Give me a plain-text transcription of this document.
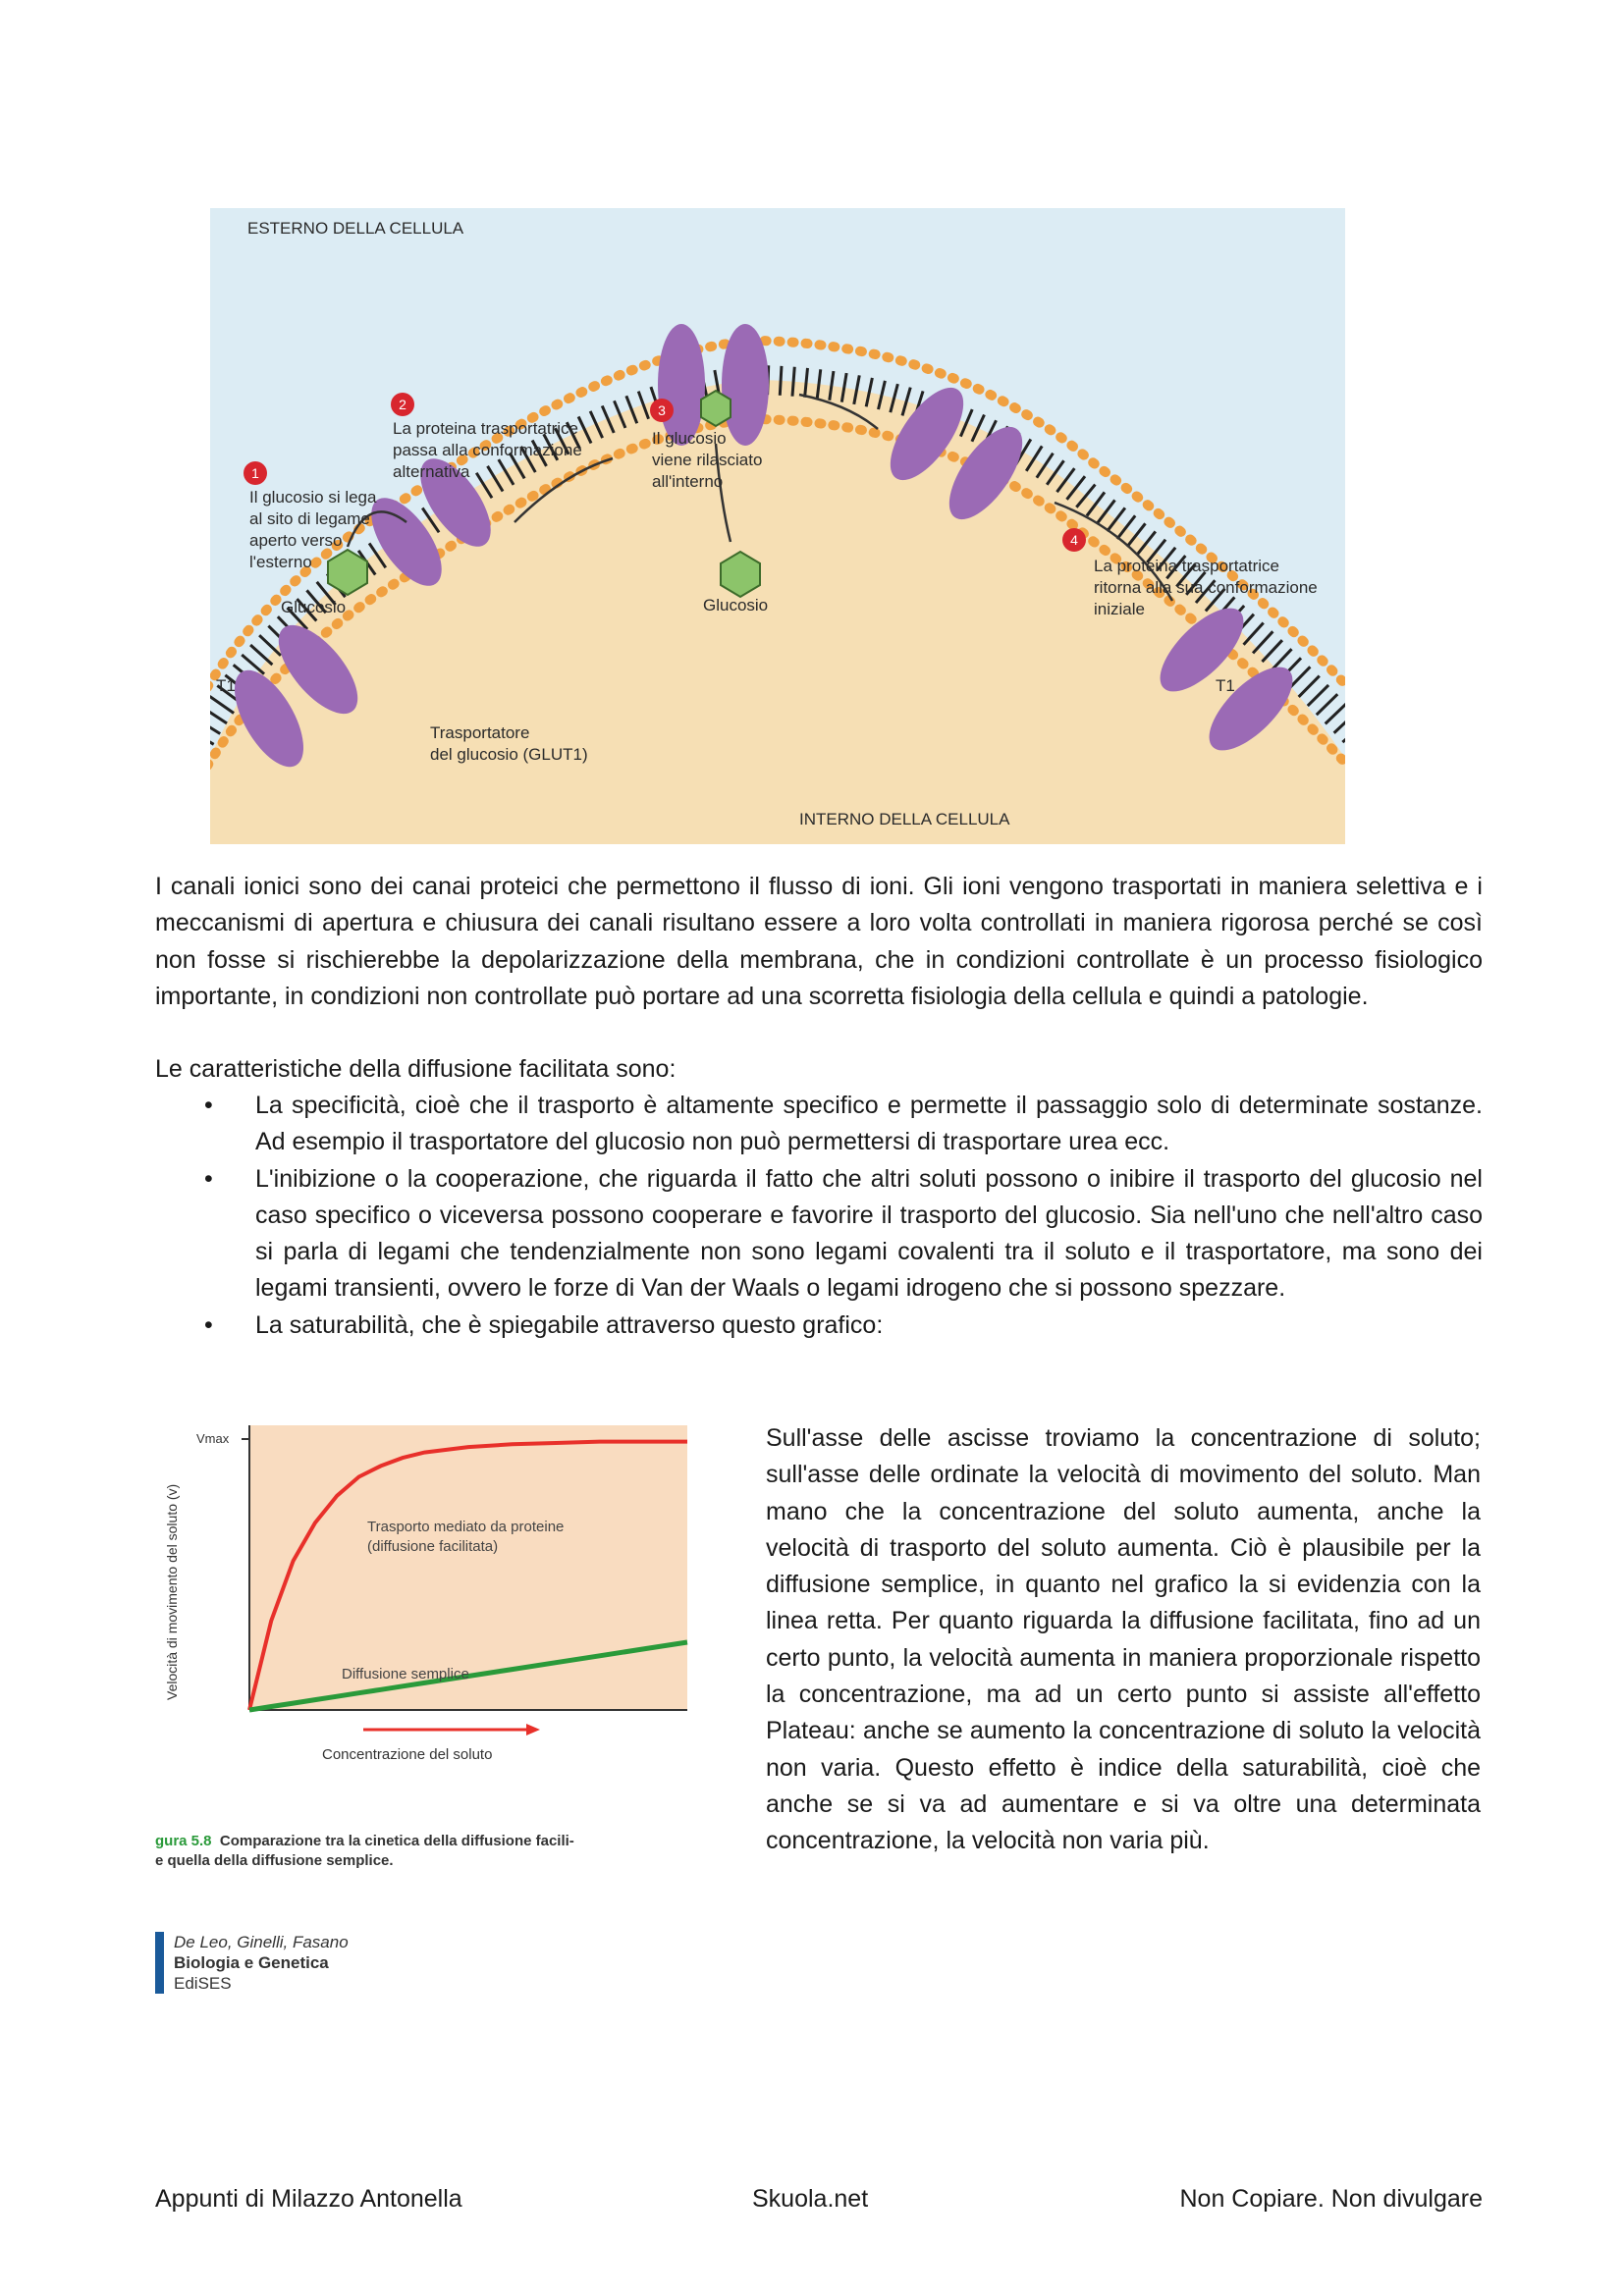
1
2	3
4
ESTERNO DELLA CELLULA
INTERNO DELLA CELLULA
Il glucosio si lega
al sito di legame
aperto verso
l'esterno
La proteina trasportatrice
passa alla conformazione
alternativa
Il glucosio
viene rilasciato
all'interno
La proteina trasportatrice
ritorna alla sua conformazione
iniziale
Glucosio	Glucosio
Trasportatore
del glucosio (GLUT1)
T1	T1
I canali ionici sono dei canai proteici che permettono il flusso di ioni. Gli ioni vengono trasportati in maniera selettiva e i meccanismi di apertura e chiusura dei canali risultano essere a loro volta controllati in maniera rigorosa perché se così non fosse si rischierebbe la depolarizzazione della membrana, che in condizioni controllate è un processo fisiologico importante, in condizioni non controllate può portare ad una scorretta fisiologia della cellula e quindi a patologie.
Le caratteristiche della diffusione facilitata sono:
• La specificità, cioè che il trasporto è altamente specifico e permette il passaggio solo di determinate sostanze. Ad esempio il trasportatore del glucosio non può permettersi di trasportare urea ecc.
• L'inibizione o la cooperazione, che riguarda il fatto che altri soluti possono o inibire il trasporto del glucosio nel caso specifico o viceversa possono cooperare e favorire il trasporto del glucosio. Sia nell'uno che nell'altro caso si parla di legami che tendenzialmente non sono legami covalenti tra il soluto e il trasportatore, ma sono dei legami transienti, ovvero le forze di Van der Waals o legami idrogeno che si possono spezzare.
• La saturabilità, che è spiegabile attraverso questo grafico:
Vmax
Trasporto mediato da proteine
(diffusione facilitata)
Diffusione semplice
Concentrazione del soluto
Velocità di movimento del soluto (v)
gura 5.8 Comparazione tra la cinetica della diffusione facili-
e quella della diffusione semplice.
De Leo, Ginelli, Fasano
Biologia e Genetica
EdiSES
Sull'asse delle ascisse troviamo la concentrazione di soluto; sull'asse delle ordinate la velocità di movimento del soluto. Man mano che la concentrazione del soluto aumenta, anche la velocità di trasporto del soluto aumenta. Ciò è plausibile per la diffusione semplice, in quanto nel grafico la si evidenzia con la linea retta. Per quanto riguarda la diffusione facilitata, fino ad un certo punto, la velocità aumenta in maniera proporzionale rispetto la concentrazione, ma ad un certo punto si assiste all'effetto Plateau: anche se aumento la concentrazione di soluto la velocità non varia. Questo effetto è indice della saturabilità, cioè che anche se si va ad aumentare e si va oltre una determinata concentrazione, la velocità non varia più.
Appunti di Milazzo Antonella	Skuola.net	Non Copiare. Non divulgare
